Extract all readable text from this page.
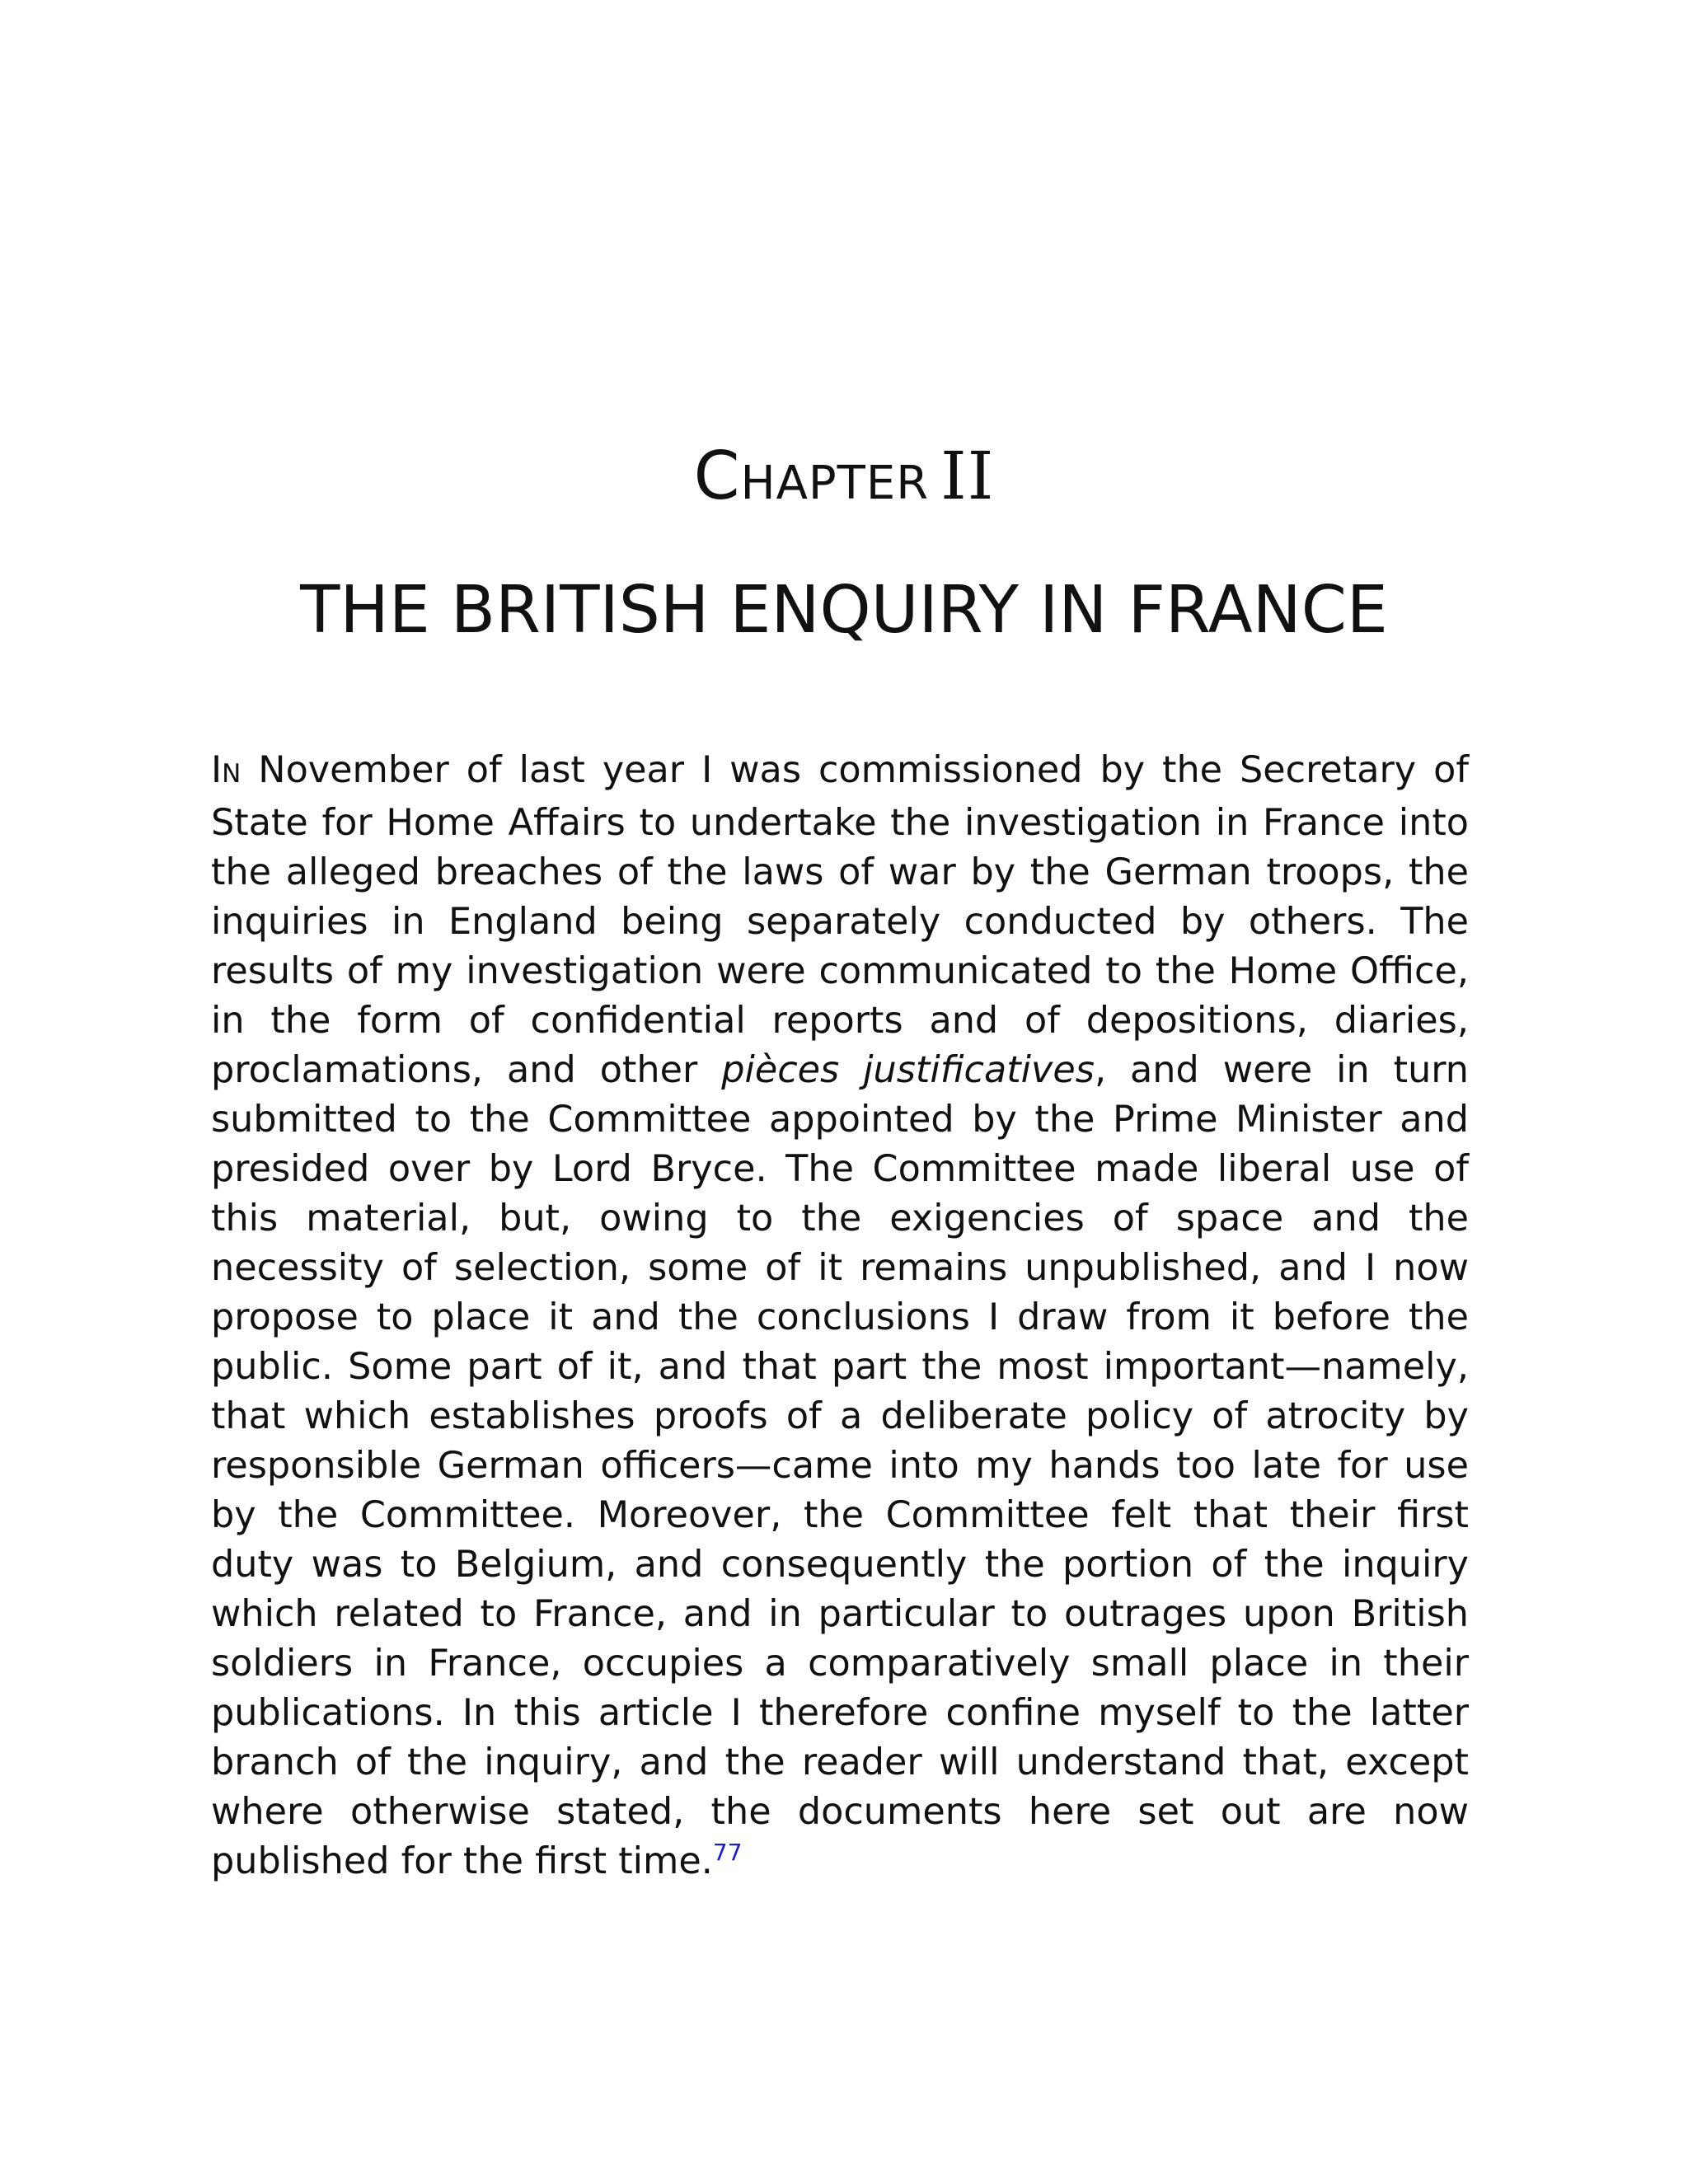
CHAPTER II
THE BRITISH ENQUIRY IN FRANCE

IN November of last year I was commissioned by the Secretary of State for Home Affairs to undertake the investigation in France into the alleged breaches of the laws of war by the German troops, the inquiries in England being separately conducted by others. The results of my investigation were communicated to the Home Office, in the form of confidential reports and of depositions, diaries, proclamations, and other pièces justificatives, and were in turn submitted to the Committee appointed by the Prime Minister and presided over by Lord Bryce. The Committee made liberal use of this material, but, owing to the exigencies of space and the necessity of selection, some of it remains unpublished, and I now propose to place it and the conclusions I draw from it before the public. Some part of it, and that part the most important—namely, that which establishes proofs of a deliberate policy of atrocity by responsible German officers—came into my hands too late for use by the Committee. Moreover, the Committee felt that their first duty was to Belgium, and consequently the portion of the inquiry which related to France, and in particular to outrages upon British soldiers in France, occupies a comparatively small place in their publications. In this article I therefore confine myself to the latter branch of the inquiry, and the reader will understand that, except where otherwise stated, the documents here set out are now published for the first time.$^{77}$
